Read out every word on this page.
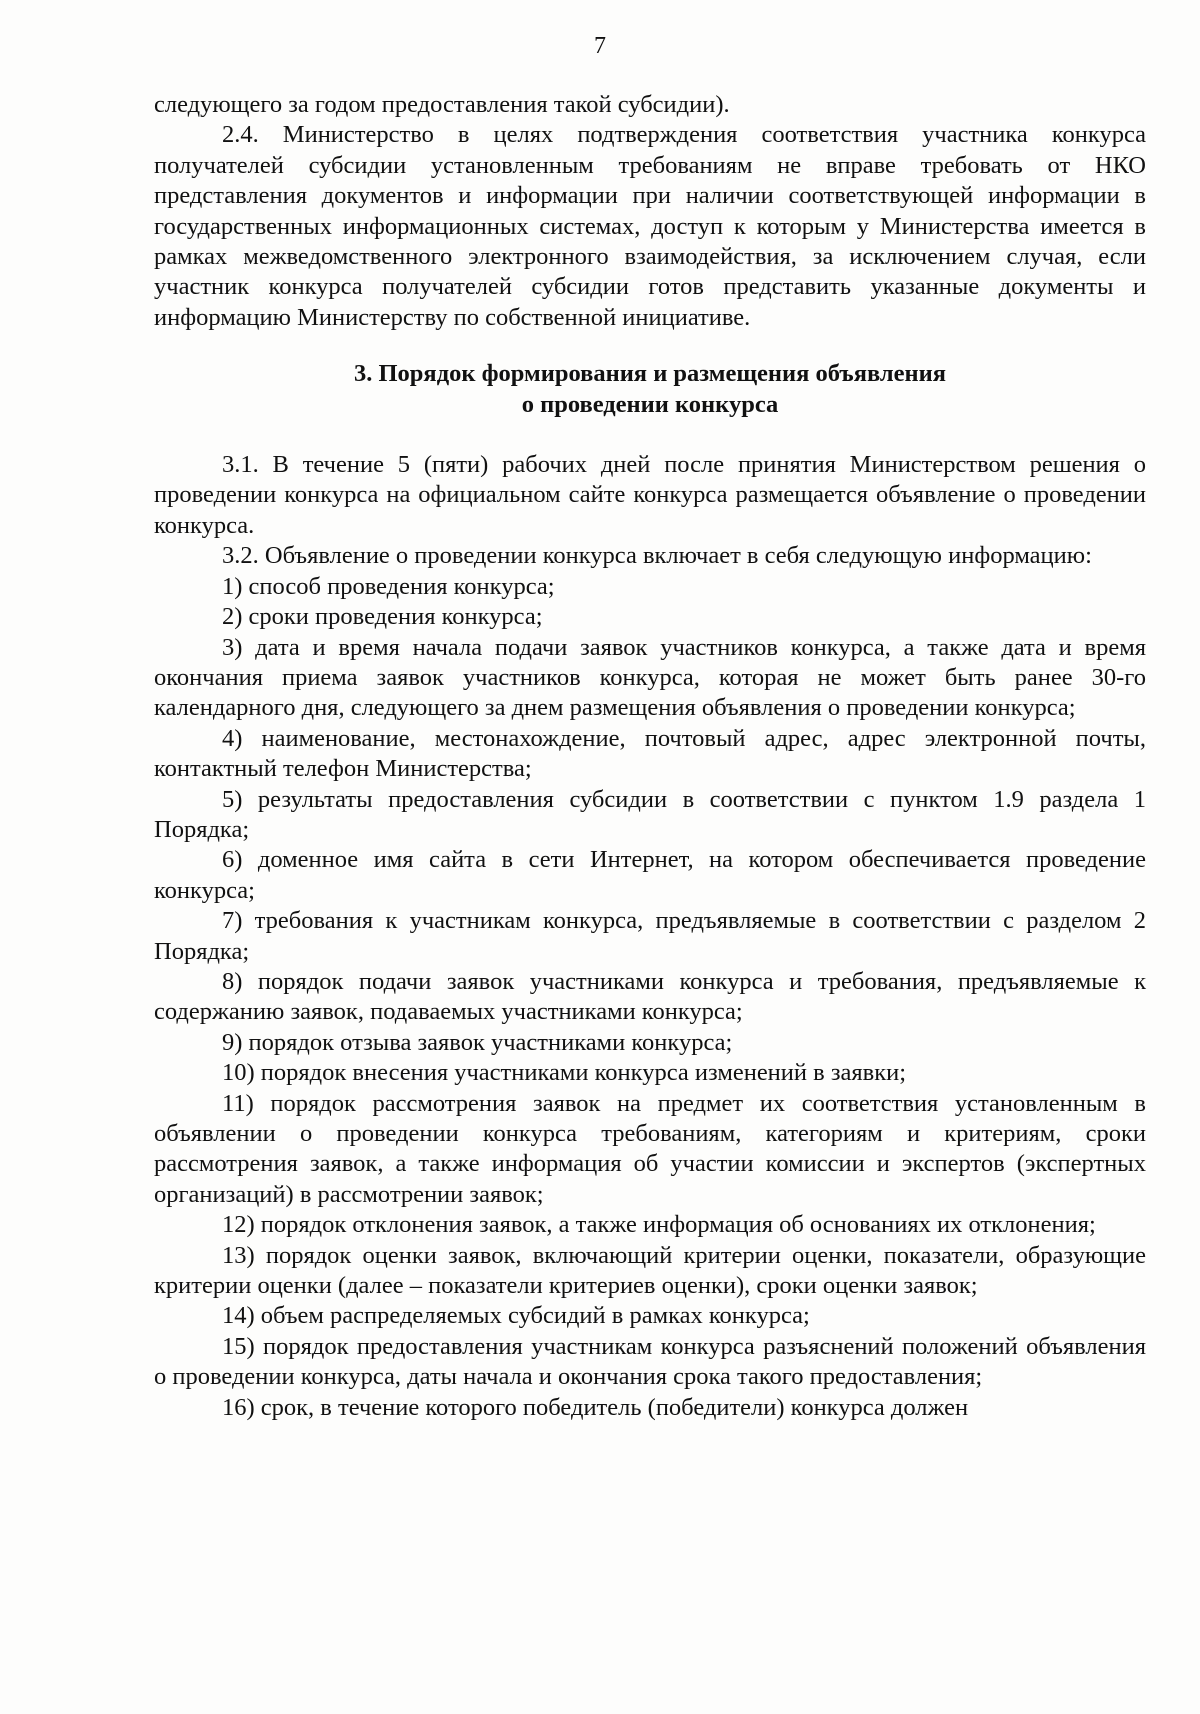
7

следующего за годом предоставления такой субсидии).

2.4. Министерство в целях подтверждения соответствия участника конкурса получателей субсидии установленным требованиям не вправе требовать от НКО представления документов и информации при наличии соответствующей информации в государственных информационных системах, доступ к которым у Министерства имеется в рамках межведомственного электронного взаимодействия, за исключением случая, если участник конкурса получателей субсидии готов представить указанные документы и информацию Министерству по собственной инициативе.

3. Порядок формирования и размещения объявления

о проведении конкурса

3.1. В течение 5 (пяти) рабочих дней после принятия Министерством решения о проведении конкурса на официальном сайте конкурса размещается объявление о проведении конкурса.

3.2. Объявление о проведении конкурса включает в себя следующую информацию:

1) способ проведения конкурса;

2) сроки проведения конкурса;

3) дата и время начала подачи заявок участников конкурса, а также дата и время окончания приема заявок участников конкурса, которая не может быть ранее 30-го календарного дня, следующего за днем размещения объявления о проведении конкурса;

4) наименование, местонахождение, почтовый адрес, адрес электронной почты, контактный телефон Министерства;

5) результаты предоставления субсидии в соответствии с пунктом 1.9 раздела 1 Порядка;

6) доменное имя сайта в сети Интернет, на котором обеспечивается проведение конкурса;

7) требования к участникам конкурса, предъявляемые в соответствии с разделом 2 Порядка;

8) порядок подачи заявок участниками конкурса и требования, предъявляемые к содержанию заявок, подаваемых участниками конкурса;

9) порядок отзыва заявок участниками конкурса;

10) порядок внесения участниками конкурса изменений в заявки;

11) порядок рассмотрения заявок на предмет их соответствия установленным в объявлении о проведении конкурса требованиям, категориям и критериям, сроки рассмотрения заявок, а также информация об участии комиссии и экспертов (экспертных организаций) в рассмотрении заявок;

12) порядок отклонения заявок, а также информация об основаниях их отклонения;

13) порядок оценки заявок, включающий критерии оценки, показатели, образующие критерии оценки (далее – показатели критериев оценки), сроки оценки заявок;

14) объем распределяемых субсидий в рамках конкурса;

15) порядок предоставления участникам конкурса разъяснений положений объявления о проведении конкурса, даты начала и окончания срока такого предоставления;

16) срок, в течение которого победитель (победители) конкурса должен
